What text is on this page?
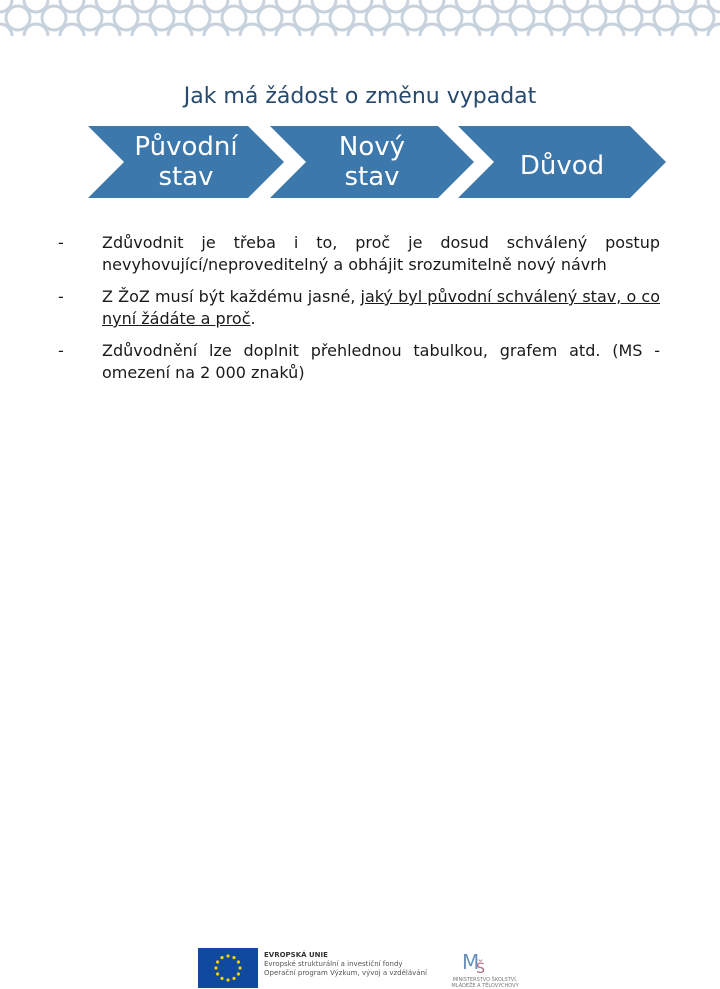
Jak má žádost o změnu vypadat
Původní
stav
Nový
stav	Důvod
- Zdůvodnit je třeba i to, proč je dosud schválený postup nevyhovující/neproveditelný a obhájit srozumitelně nový návrh
- Z ŽoZ musí být každému jasné, jaký byl původní schválený stav, o co nyní žádáte a proč.
- Zdůvodnění lze doplnit přehlednou tabulkou, grafem atd. (MS - omezení na 2 000 znaků)
EVROPSKÁ UNIE
Evropské strukturální a investiční fondy
Operační program Výzkum, vývoj a vzdělávání M
Š
MINISTERSTVO ŠKOLSTVÍ, MLÁDEŽE A TĚLOVÝCHOVY
